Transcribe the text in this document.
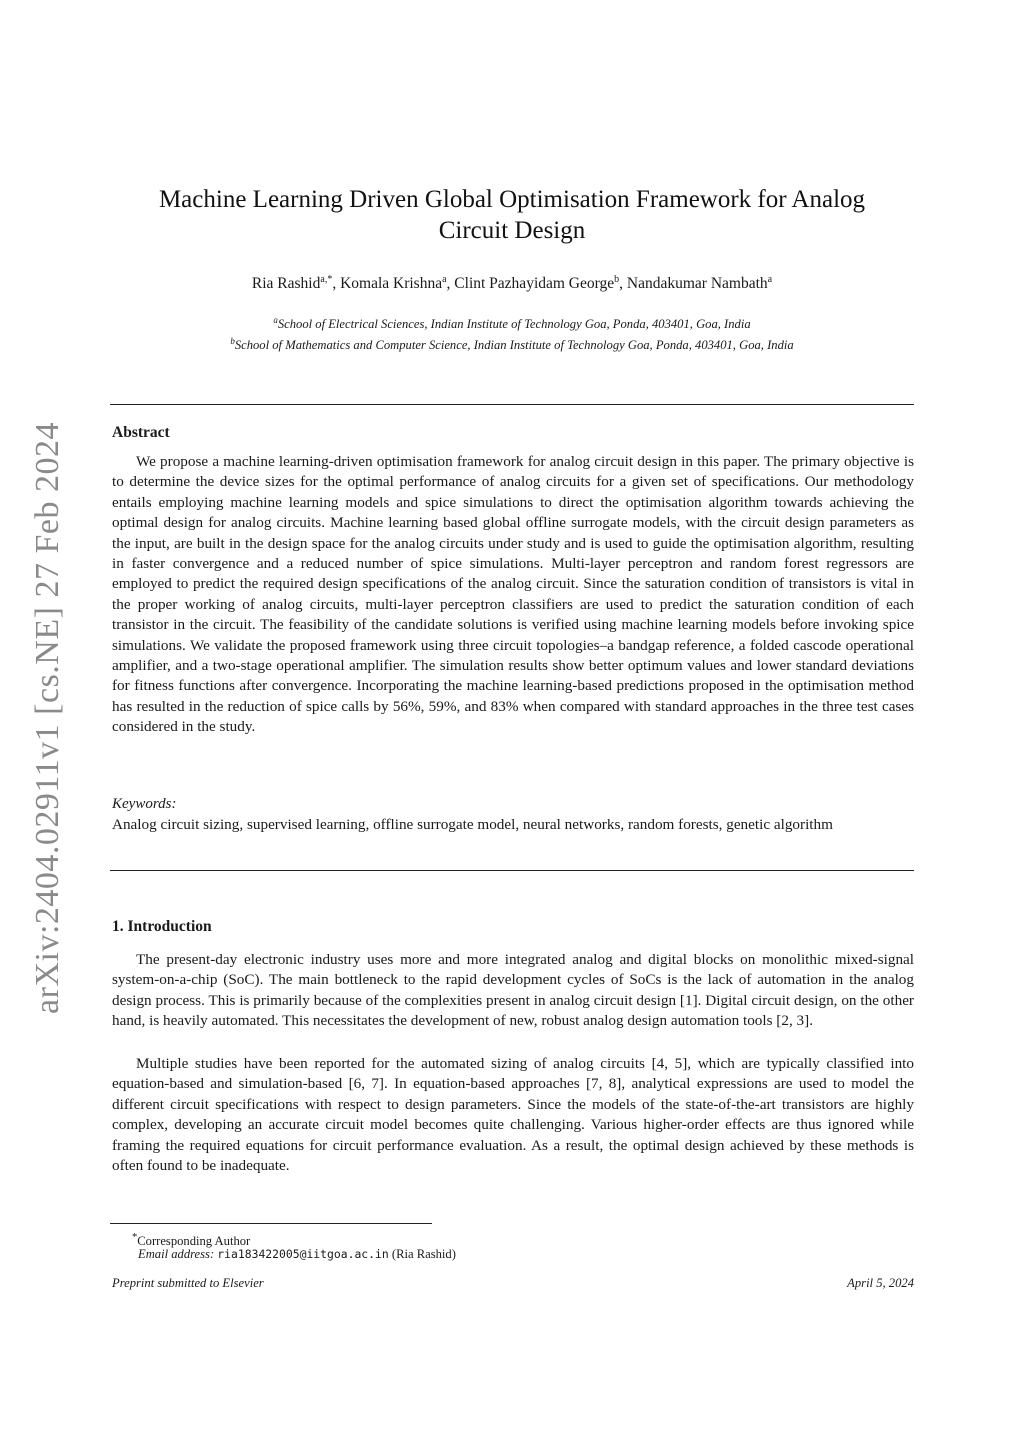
arXiv:2404.02911v1 [cs.NE] 27 Feb 2024
Machine Learning Driven Global Optimisation Framework for Analog
Circuit Design
Ria Rashid$^{a,*}$, Komala Krishna$^a$, Clint Pazhayidam George$^b$, Nandakumar Nambath$^a$
$^a$School of Electrical Sciences, Indian Institute of Technology Goa, Ponda, 403401, Goa, India
$^b$School of Mathematics and Computer Science, Indian Institute of Technology Goa, Ponda, 403401, Goa, India
Abstract

We propose a machine learning-driven optimisation framework for analog circuit design in this paper. The primary objective is to determine the device sizes for the optimal performance of analog circuits for a given set of specifications. Our methodology entails employing machine learning models and spice simulations to direct the optimisation algorithm towards achieving the optimal design for analog circuits. Machine learning based global offline surrogate models, with the circuit design parameters as the input, are built in the design space for the analog circuits under study and is used to guide the optimisation algorithm, resulting in faster convergence and a reduced number of spice simulations. Multi-layer perceptron and random forest regressors are employed to predict the required design specifications of the analog circuit. Since the saturation condition of transistors is vital in the proper working of analog circuits, multi-layer perceptron classifiers are used to predict the saturation condition of each transistor in the circuit. The feasibility of the candidate solutions is verified using machine learning models before invoking spice simulations. We validate the proposed framework using three circuit topologies–a bandgap reference, a folded cascode operational amplifier, and a two-stage operational amplifier. The simulation results show better optimum values and lower standard deviations for fitness functions after convergence. Incorporating the machine learning-based predictions proposed in the optimisation method has resulted in the reduction of spice calls by 56%, 59%, and 83% when compared with standard approaches in the three test cases considered in the study.

Keywords:

Analog circuit sizing, supervised learning, offline surrogate model, neural networks, random forests, genetic algorithm

1. Introduction

The present-day electronic industry uses more and more integrated analog and digital blocks on monolithic mixed-signal system-on-a-chip (SoC). The main bottleneck to the rapid development cycles of SoCs is the lack of automation in the analog design process. This is primarily because of the complexities present in analog circuit design [1]. Digital circuit design, on the other hand, is heavily automated. This necessitates the development of new, robust analog design automation tools [2, 3].

Multiple studies have been reported for the automated sizing of analog circuits [4, 5], which are typically classified into equation-based and simulation-based [6, 7]. In equation-based approaches [7, 8], analytical expressions are used to model the different circuit specifications with respect to design parameters. Since the models of the state-of-the-art transistors are highly complex, developing an accurate circuit model becomes quite challenging. Various higher-order effects are thus ignored while framing the required equations for circuit performance evaluation. As a result, the optimal design achieved by these methods is often found to be inadequate.

*Corresponding Author
Email address: ria183422005@iitgoa.ac.in (Ria Rashid)
Preprint submitted to Elsevier	April 5, 2024
